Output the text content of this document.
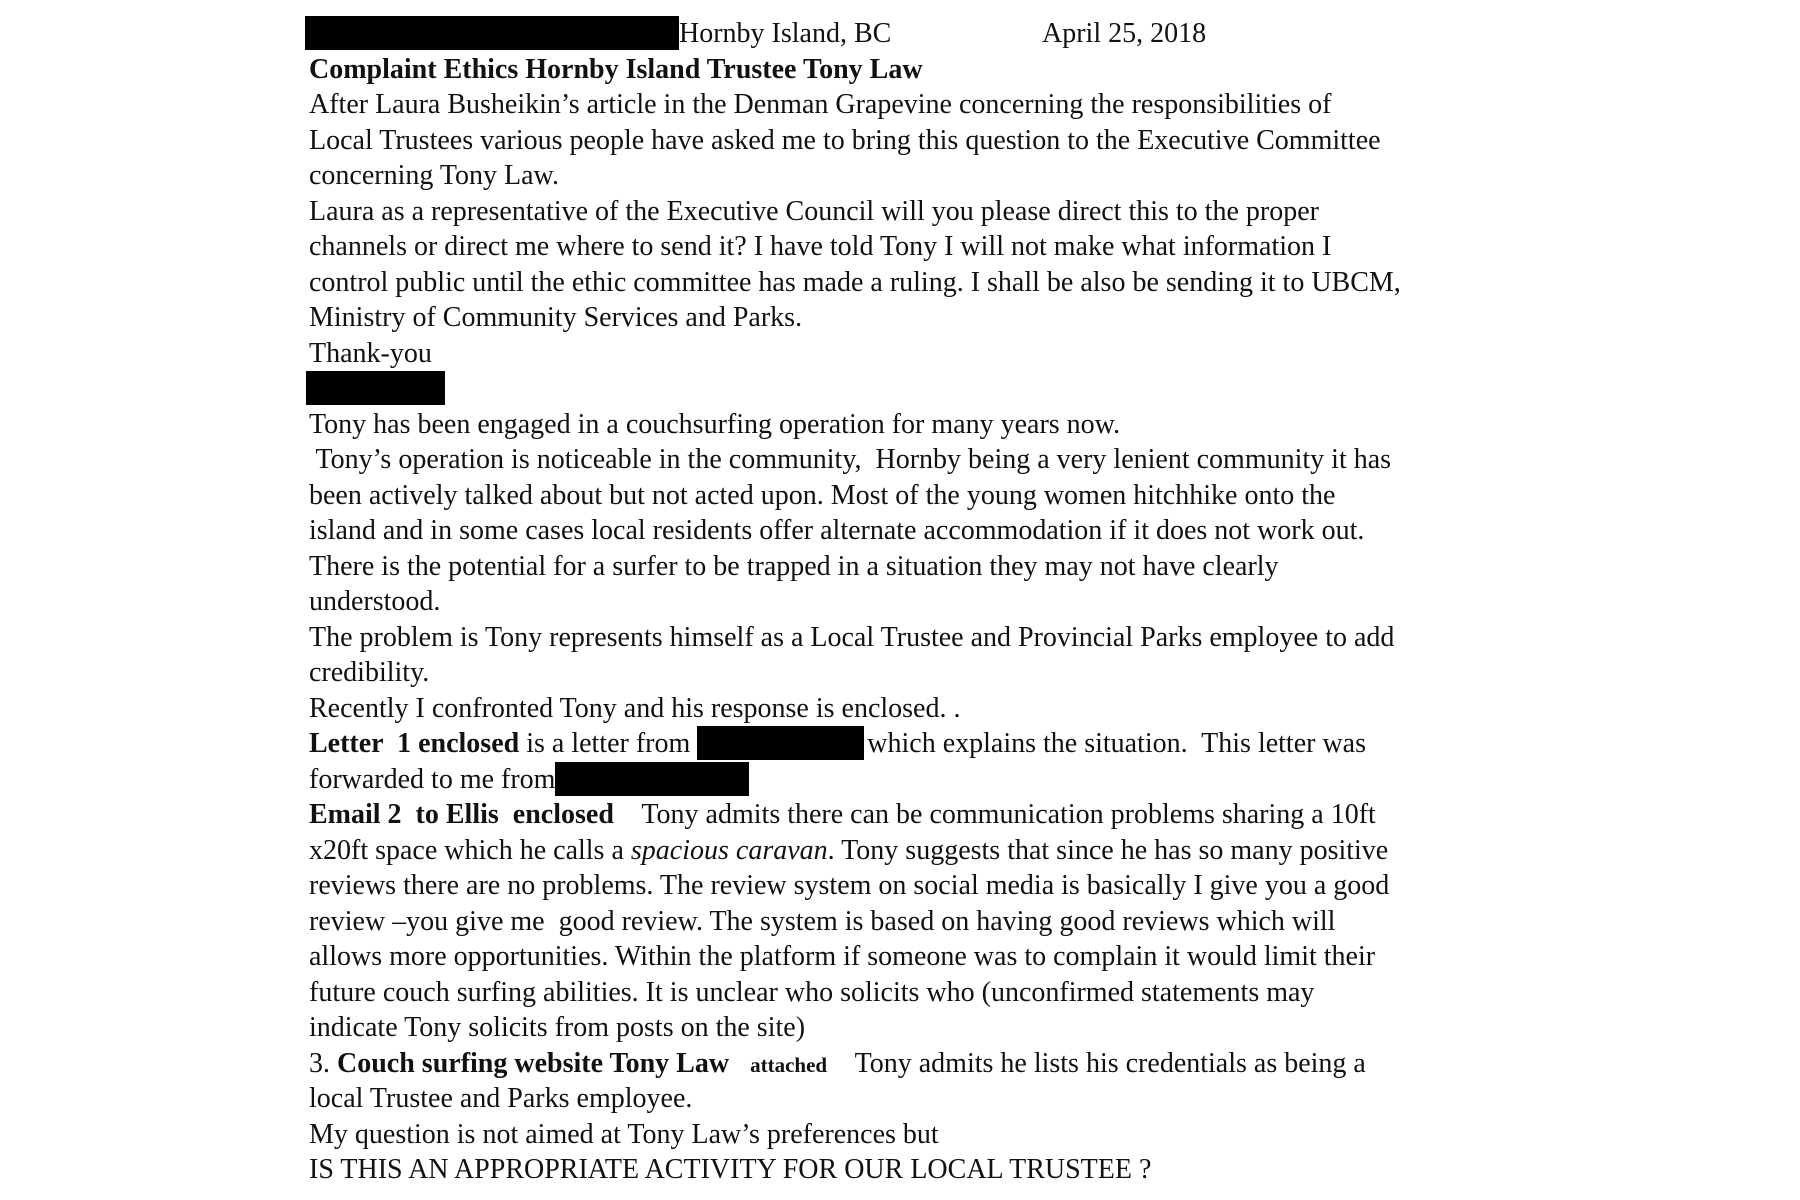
Hornby Island, BC	April 25, 2018
Complaint Ethics Hornby Island Trustee Tony Law
After Laura Busheikin’s article in the Denman Grapevine concerning the responsibilities of
Local Trustees various people have asked me to bring this question to the Executive Committee
concerning Tony Law.
Laura as a representative of the Executive Council will you please direct this to the proper
channels or direct me where to send it? I have told Tony I will not make what information I
control public until the ethic committee has made a ruling. I shall be also be sending it to UBCM,
Ministry of Community Services and Parks.
Thank-you
Tony has been engaged in a couchsurfing operation for many years now.
Tony’s operation is noticeable in the community,  Hornby being a very lenient community it has
been actively talked about but not acted upon. Most of the young women hitchhike onto the
island and in some cases local residents offer alternate accommodation if it does not work out.
There is the potential for a surfer to be trapped in a situation they may not have clearly
understood.
The problem is Tony represents himself as a Local Trustee and Provincial Parks employee to add
credibility.
Recently I confronted Tony and his response is enclosed. .
Letter  1 enclosed is a letter from	which explains the situation.  This letter was
forwarded to me from
Email 2  to Ellis  enclosed    Tony admits there can be communication problems sharing a 10ft
x20ft space which he calls a spacious caravan. Tony suggests that since he has so many positive
reviews there are no problems. The review system on social media is basically I give you a good
review –you give me  good review. The system is based on having good reviews which will
allows more opportunities. Within the platform if someone was to complain it would limit their
future couch surfing abilities. It is unclear who solicits who (unconfirmed statements may
indicate Tony solicits from posts on the site)
3. Couch surfing website Tony Law attached    Tony admits he lists his credentials as being a
local Trustee and Parks employee.
My question is not aimed at Tony Law’s preferences but
IS THIS AN APPROPRIATE ACTIVITY FOR OUR LOCAL TRUSTEE ?
